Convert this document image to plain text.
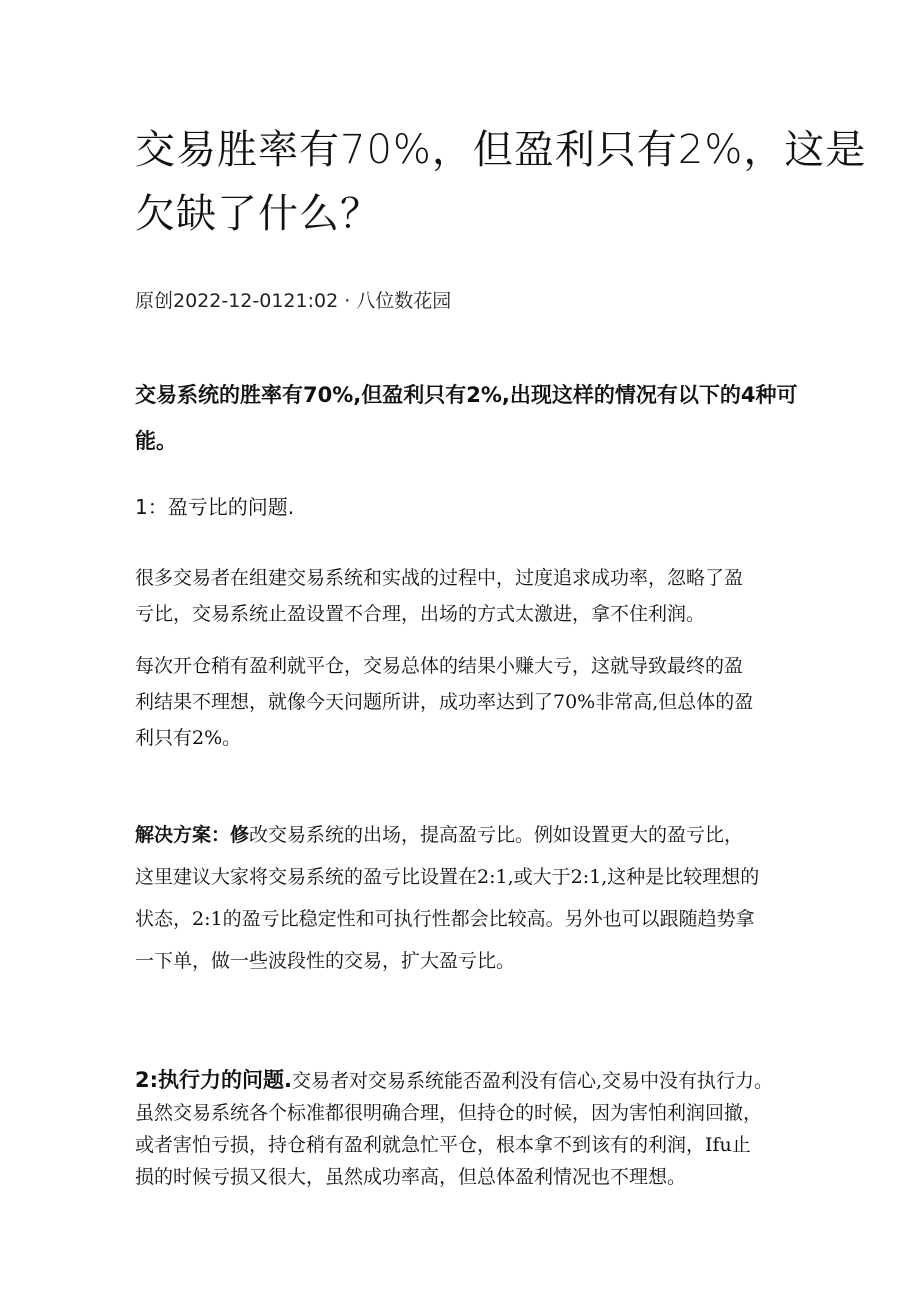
交易胜率有70%，但盈利只有2%，这是
欠缺了什么？
原创2022-12-0121:02 · 八位数花园
交易系统的胜率有70%,但盈利只有2%,出现这样的情况有以下的4种可
能。
1：盈亏比的问题.
很多交易者在组建交易系统和实战的过程中，过度追求成功率，忽略了盈
亏比，交易系统止盈设置不合理，出场的方式太激进，拿不住利润。
每次开仓稍有盈利就平仓，交易总体的结果小赚大亏，这就导致最终的盈
利结果不理想，就像今天问题所讲，成功率达到了70%非常高,但总体的盈
利只有2%。
解决方案：修改交易系统的出场，提高盈亏比。例如设置更大的盈亏比，
这里建议大家将交易系统的盈亏比设置在2:1,或大于2:1,这种是比较理想的
状态，2:1的盈亏比稳定性和可执行性都会比较高。另外也可以跟随趋势拿
一下单，做一些波段性的交易，扩大盈亏比。
2:执行力的问题.交易者对交易系统能否盈利没有信心,交易中没有执行力。
虽然交易系统各个标准都很明确合理，但持仓的时候，因为害怕利润回撤，
或者害怕亏损，持仓稍有盈利就急忙平仓，根本拿不到该有的利润，Ifu止
损的时候亏损又很大，虽然成功率高，但总体盈利情况也不理想。
